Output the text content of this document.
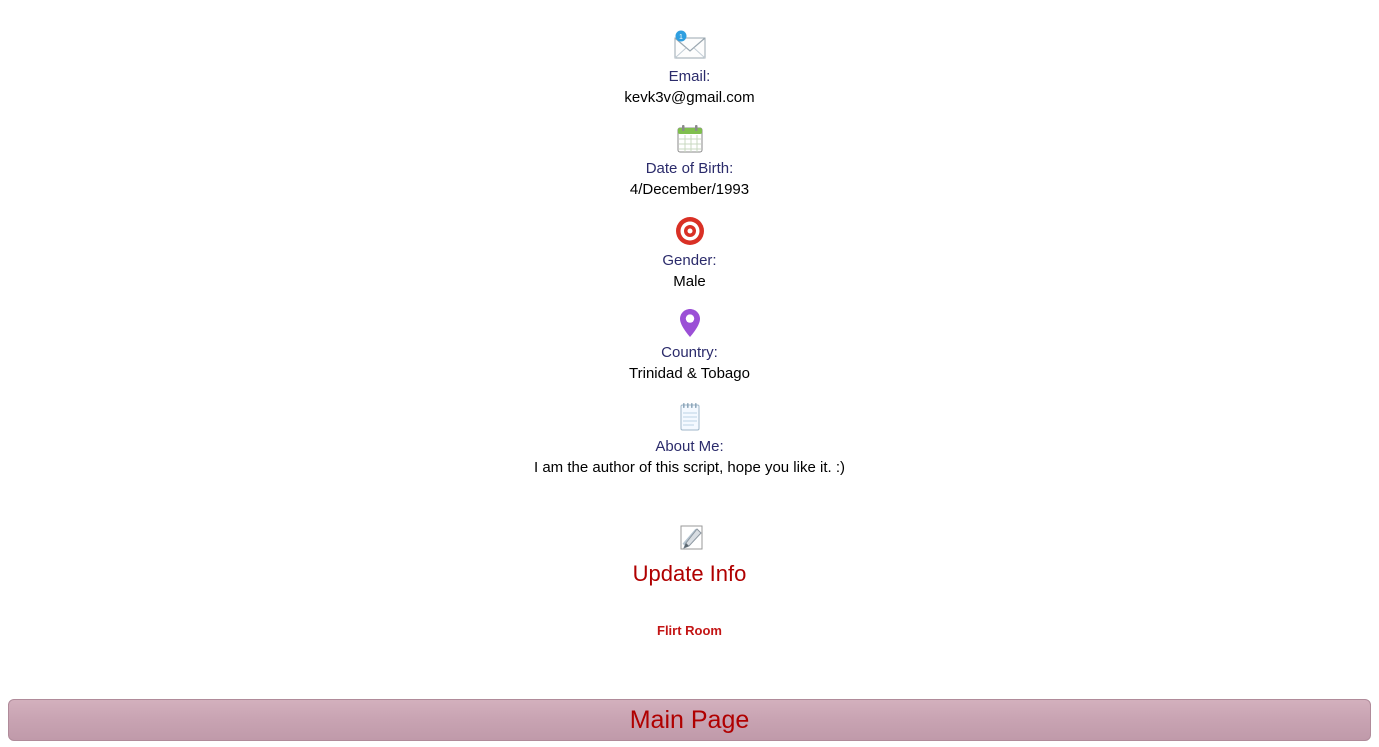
1
Email:
kevk3v@gmail.com
Date of Birth:
4/December/1993
Gender:
Male
Country:
Trinidad & Tobago
About Me:
I am the author of this script, hope you like it. :)
Update Info
Flirt Room
Main Page
